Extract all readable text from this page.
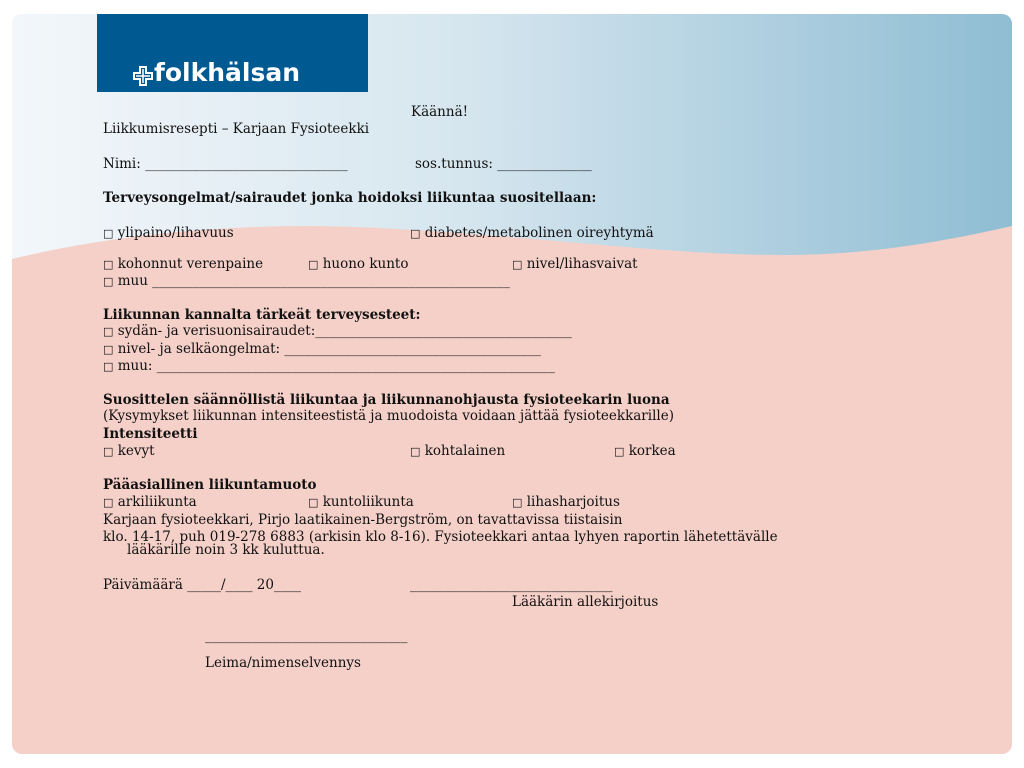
folkhälsan
Käännä!
Liikkumisresepti – Karjaan Fysioteekki
Nimi: ______________________________	sos.tunnus: ______________
Terveysongelmat/sairaudet jonka hoidoksi liikuntaa suositellaan:
□ ylipaino/lihavuus	□ diabetes/metabolinen oireyhtymä
□ kohonnut verenpaine	□ huono kunto	□ nivel/lihasvaivat
□ muu _____________________________________________________
Liikunnan kannalta tärkeät terveysesteet:
□ sydän- ja verisuonisairaudet:______________________________________
□ nivel- ja selkäongelmat: ______________________________________
□ muu: ___________________________________________________________
Suosittelen säännöllistä liikuntaa ja liikunnanohjausta fysioteekarin luona
(Kysymykset liikunnan intensiteestistä ja muodoista voidaan jättää fysioteekkarille)
Intensiteetti
□ kevyt	□ kohtalainen	□ korkea
Pääasiallinen liikuntamuoto
□ arkiliikunta	□ kuntoliikunta	□ lihasharjoitus
Karjaan fysioteekkari, Pirjo laatikainen-Bergström, on tavattavissa tiistaisin
klo. 14-17, puh 019-278 6883 (arkisin klo 8-16). Fysioteekkari antaa lyhyen raportin lähetettävälle
lääkärille noin 3 kk kuluttua.
Päivämäärä _____/____ 20____	______________________________
Lääkärin allekirjoitus
______________________________
Leima/nimenselvennys
